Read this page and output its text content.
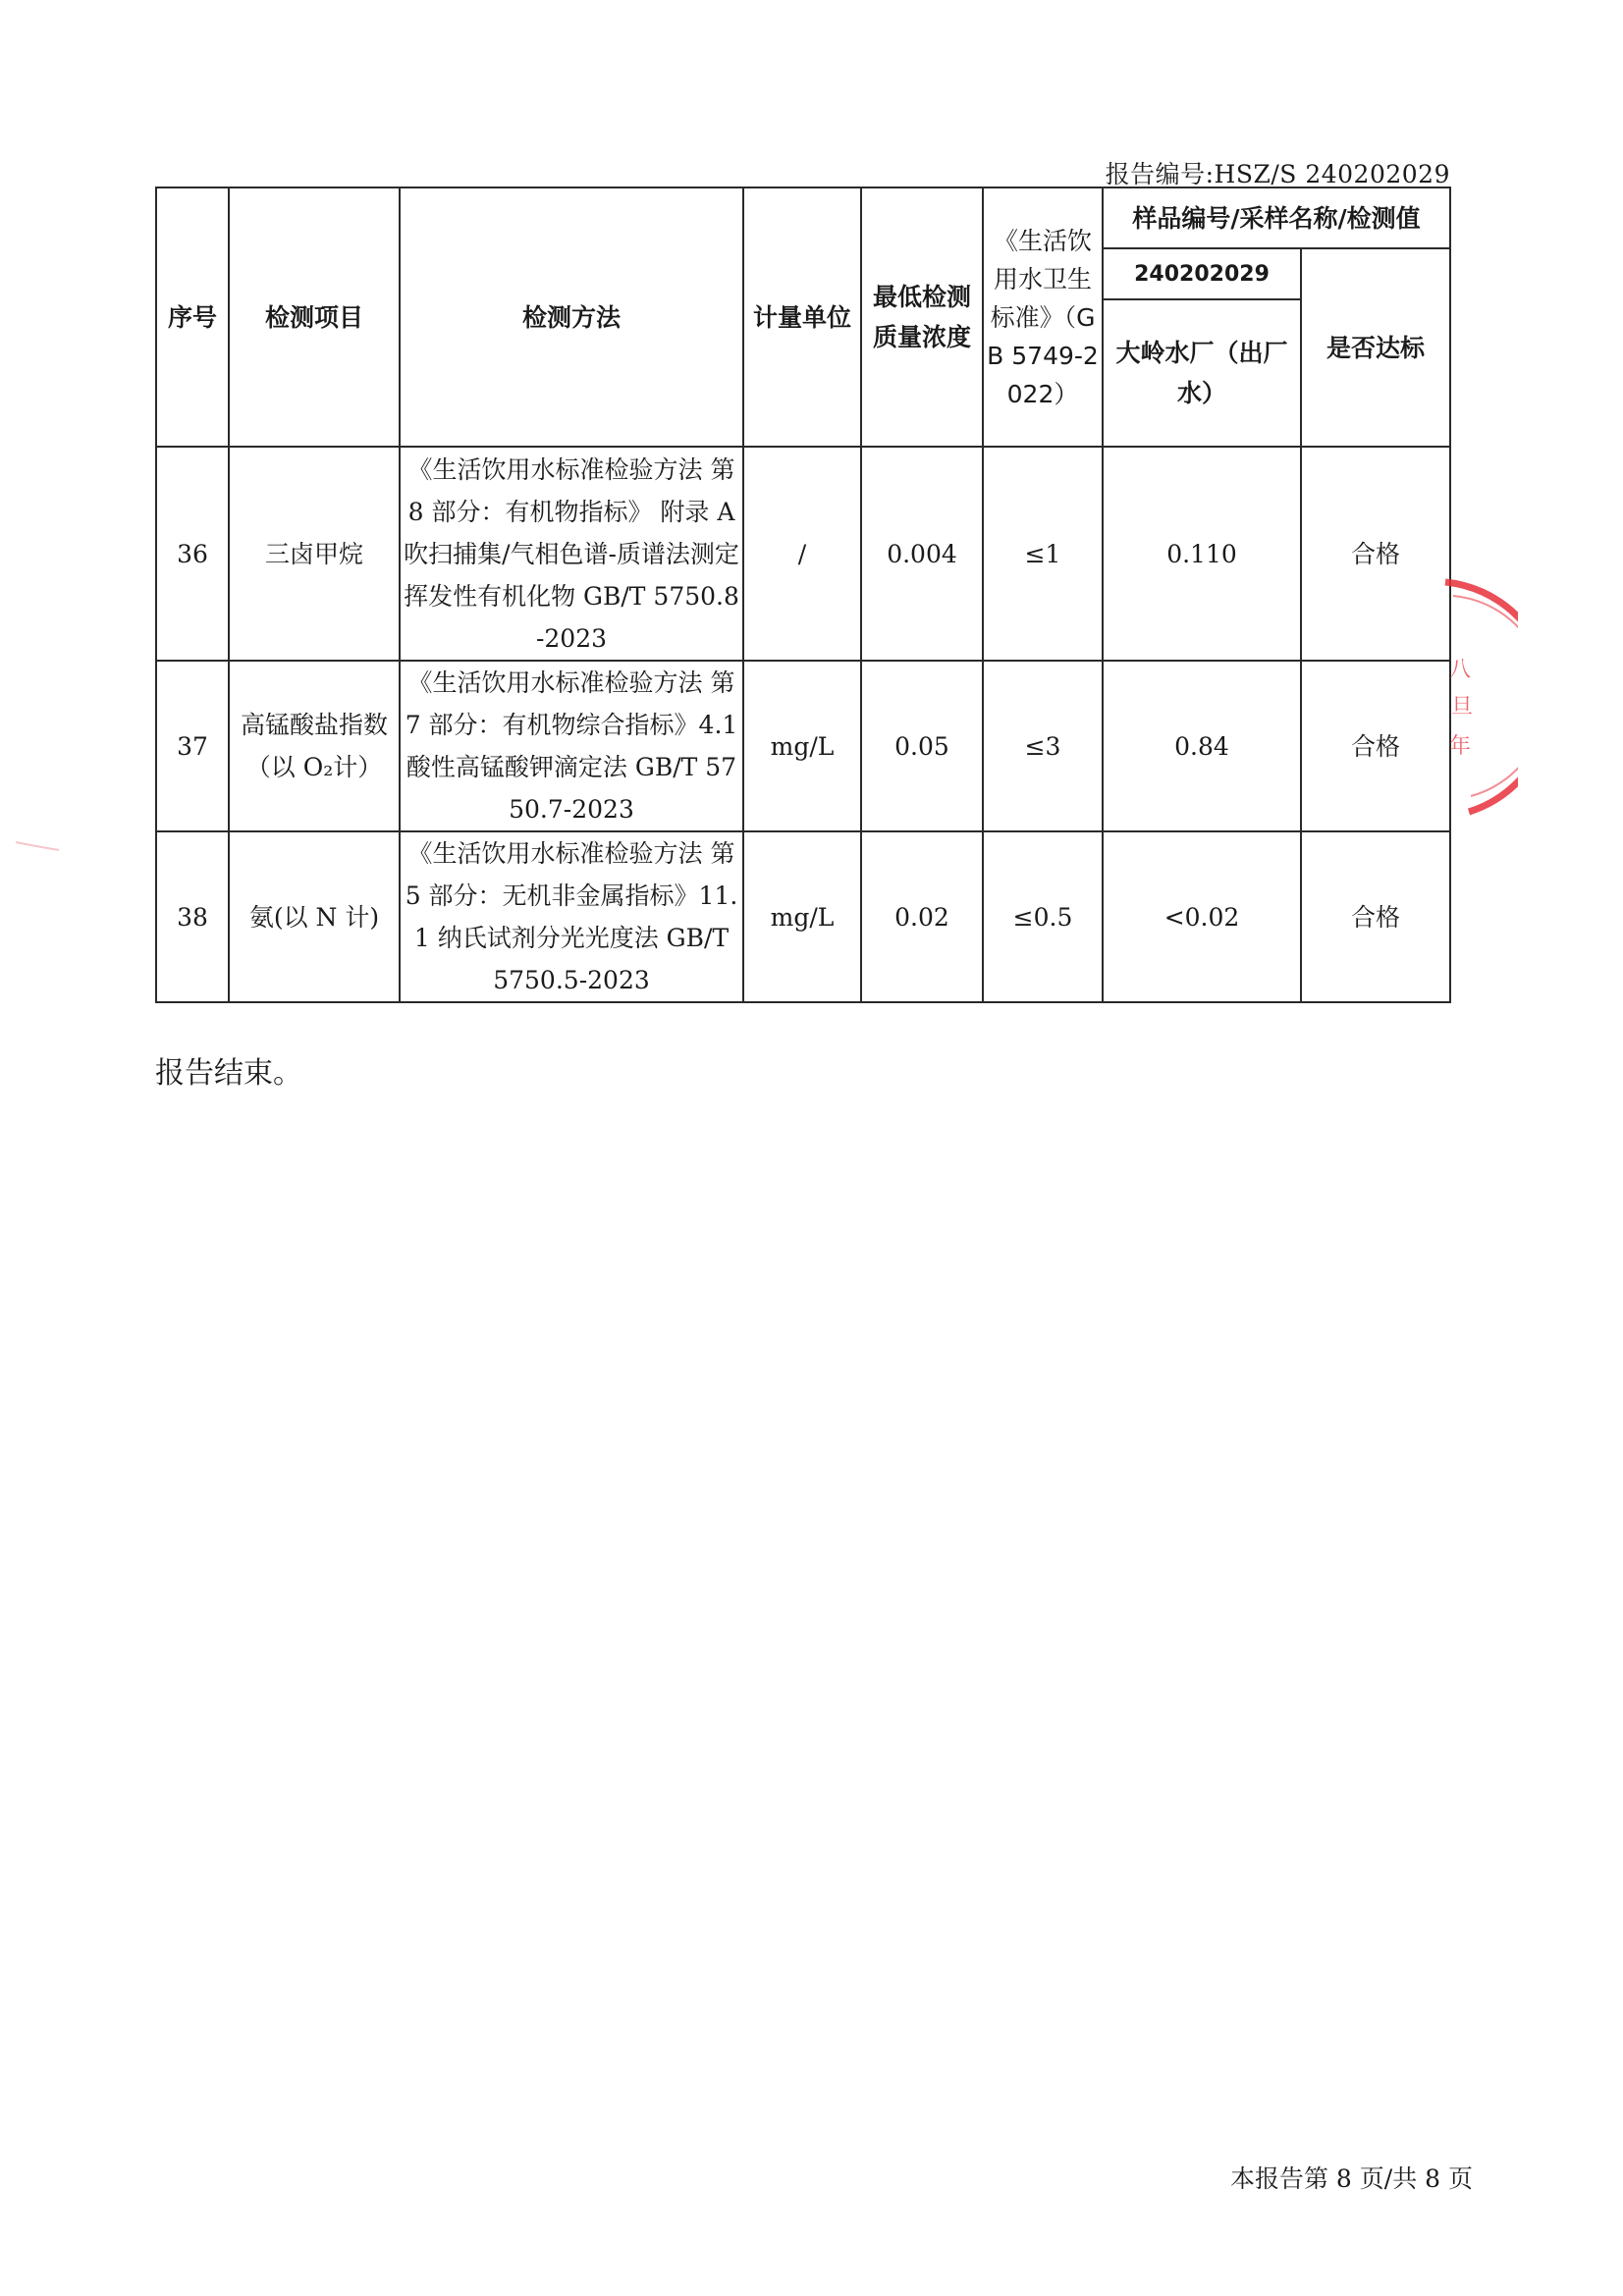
报告编号:HSZ/S 240202029
序号	检测项目	检测方法	计量单位	最低检测质量浓度	《生活饮用水卫生标准》（GB 5749-2022）	样品编号/采样名称/检测值	
						240202029	是否达标
						大岭水厂（出厂水）	
36	三卤甲烷	《生活饮用水标准检验方法 第 8 部分：有机物指标》 附录 A 吹扫捕集/气相色谱-质谱法测定挥发性有机化物 GB/T 5750.8-2023	/	0.004	≤1	0.110	合格
37	高锰酸盐指数（以 O₂计）	《生活饮用水标准检验方法 第 7 部分：有机物综合指标》4.1 酸性高锰酸钾滴定法 GB/T 5750.7-2023	mg/L	0.05	≤3	0.84	合格
38	氨(以 N 计)	《生活饮用水标准检验方法 第 5 部分：无机非金属指标》11.1 纳氏试剂分光光度法 GB/T 5750.5-2023	mg/L	0.02	≤0.5	<0.02	合格
八
旦
年
报告结束。
本报告第 8 页/共 8 页
